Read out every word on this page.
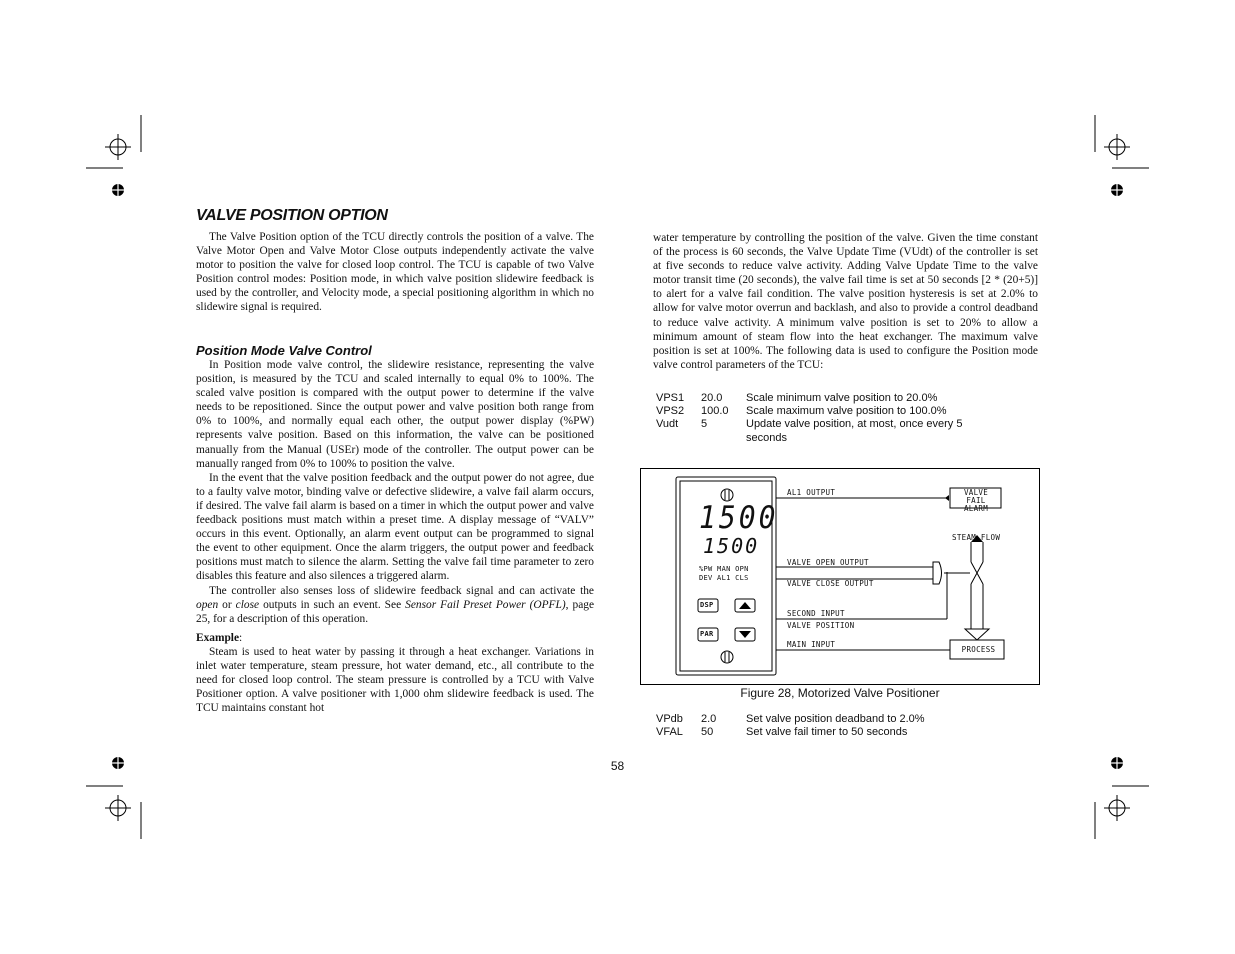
VALVE POSITION OPTION
The Valve Position option of the TCU directly controls the position of a valve. The Valve Motor Open and Valve Motor Close outputs independently activate the valve motor to position the valve for closed loop control. The TCU is capable of two Valve Position control modes: Position mode, in which valve position slidewire feedback is used by the controller, and Velocity mode, a special positioning algorithm in which no slidewire signal is required.
Position Mode Valve Control
In Position mode valve control, the slidewire resistance, representing the valve position, is measured by the TCU and scaled internally to equal 0% to 100%. The scaled valve position is compared with the output power to determine if the valve needs to be repositioned. Since the output power and valve position both range from 0% to 100%, and normally equal each other, the output power display (%PW) represents valve position. Based on this information, the valve can be positioned manually from the Manual (USEr) mode of the controller. The output power can be manually ranged from 0% to 100% to position the valve.
In the event that the valve position feedback and the output power do not agree, due to a faulty valve motor, binding valve or defective slidewire, a valve fail alarm occurs, if desired. The valve fail alarm is based on a timer in which the output power and valve feedback positions must match within a preset time. A display message of “VALV” occurs in this event. Optionally, an alarm event output can be programmed to signal the event to other equipment. Once the alarm triggers, the output power and feedback positions must match to silence the alarm. Setting the valve fail time parameter to zero disables this feature and also silences a triggered alarm.
The controller also senses loss of slidewire feedback signal and can activate the open or close outputs in such an event. See Sensor Fail Preset Power (OPFL), page 25, for a description of this operation.
Example:
Steam is used to heat water by passing it through a heat exchanger. Variations in inlet water temperature, steam pressure, hot water demand, etc., all contribute to the need for closed loop control. The steam pressure is controlled by a TCU with Valve Positioner option. A valve positioner with 1,000 ohm slidewire feedback is used. The TCU maintains constant hot
water temperature by controlling the position of the valve. Given the time constant of the process is 60 seconds, the Valve Update Time (VUdt) of the controller is set at five seconds to reduce valve activity. Adding Valve Update Time to the valve motor transit time (20 seconds), the valve fail time is set at 50 seconds [2 * (20+5)] to alert for a valve fail condition. The valve position hysteresis is set at 2.0% to allow for valve motor overrun and backlash, and also to provide a control deadband to reduce valve activity. A minimum valve position is set to 20% to allow a minimum amount of steam flow into the heat exchanger. The maximum valve position is set at 100%. The following data is used to configure the Position mode valve control parameters of the TCU:
VPS1	20.0	Scale minimum valve position to 20.0%
VPS2	100.0	Scale maximum valve position to 100.0%
Vudt	5	Update valve position, at most, once every 5 seconds
1500
1500
%PW MAN OPN
DEV AL1 CLS
DSP
PAR
AL1 OUTPUT	VALVE FAIL
ALARM
STEAM FLOW
VALVE OPEN OUTPUT
VALVE CLOSE OUTPUT
SECOND INPUT
VALVE POSITION
MAIN INPUT
PROCESS
Figure 28, Motorized Valve Positioner
VPdb	2.0	Set valve position deadband to 2.0%
VFAL	50	Set valve fail timer to 50 seconds
58
